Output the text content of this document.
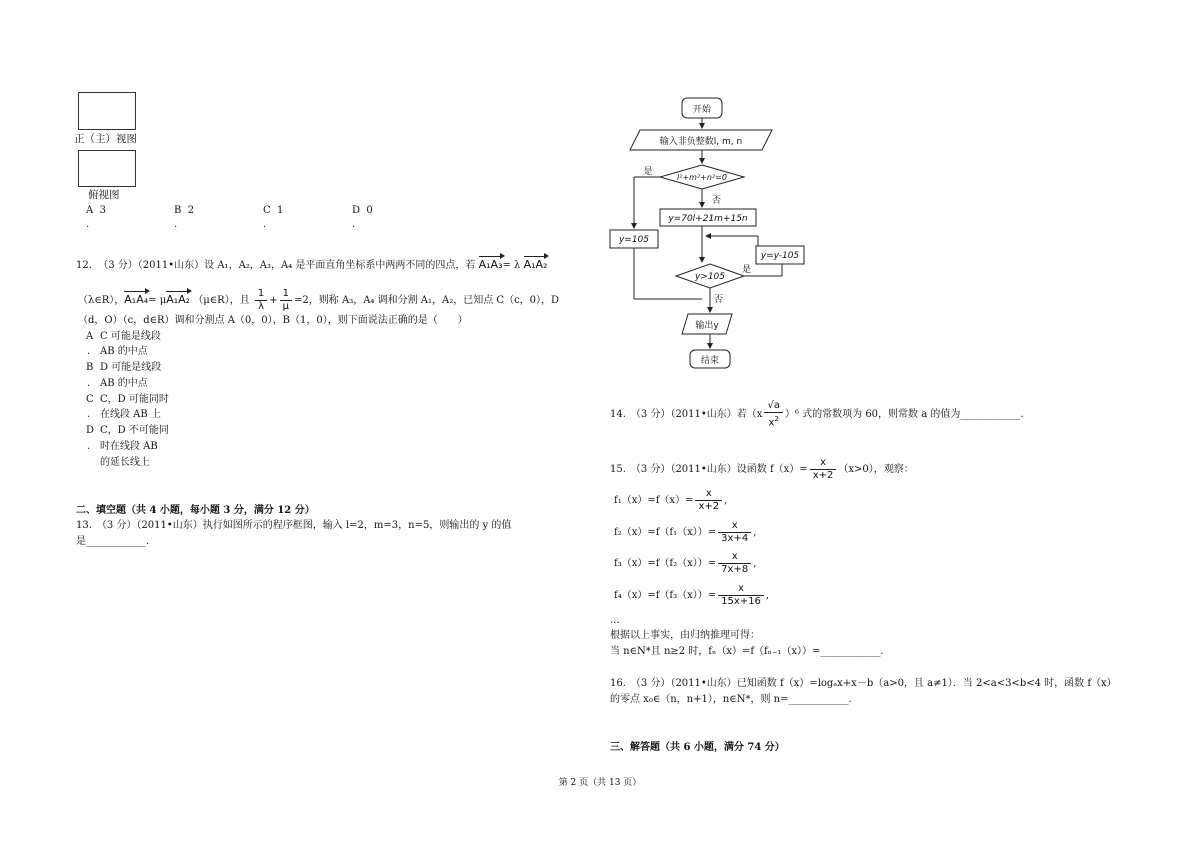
正（主）视图
俯视图
A 3	B 2	C 1	D 0
.	.	.	.
12. （3 分）（2011•山东）设 A₁，A₂，A₃，A₄ 是平面直角坐标系中两两不同的四点，若 A₁A₃= λ A₁A₂
（λ∈R），A₁A₄= μA₁A₂ （μ∈R），且 $\frac{1}{\lambda} + \frac{1}{\mu} =2$，则称 A₃，A₄ 调和分割 A₁，A₂，已知点 C（c，0），D
（d，O）（c，d∈R）调和分割点 A（0，0），B（1，0），则下面说法正确的是（　　）
A C 可能是线段
. AB 的中点
B D 可能是线段
. AB 的中点
C C，D 可能同时
. 在线段 AB 上
D C，D 不可能同
. 时在线段 AB
的延长线上
二、填空题（共 4 小题，每小题 3 分，满分 12 分）
13.　（3 分）（2011•山东）执行如图所示的程序框图，输入 l=2，m=3，n=5，则输出的 y 的值
是____________.
开始
输入非负整数l, m, n
l²+m²+n²=0
是
否
y=70l+21m+15n
y=105
y>105
是
否
y=y-105
输出y
结束
14.　（3 分）（2011•山东）若$(x \frac{√a}{x^2} )^6$ 式的常数项为 60，则常数 a 的值为____________.
15.　（3 分）（2011•山东）设函数 $f(x)= \frac{x}{x+2} (x>0)$，观察：
$f_1(x)=f(x)= \frac{x}{x+2}$ ,
$f_2(x)=f(f_1(x))= \frac{x}{3x+4}$ ,
$f_3(x)=f(f_2(x))= \frac{x}{7x+8}$ ,
$f_4(x)=f(f_3(x))= \frac{x}{15x+16}$ ,
...
根据以上事实，由归纳推理可得：
当 n∈N*且 n≥2 时，fₙ（x）=f（fₙ₋₁（x））=____________.
16.　（3 分）（2011•山东）已知函数 f（x）=logₐx+x－b（a>0，且 a≠1）．当 2<a<3<b<4 时，函数 f（x）
的零点 x₀∈（n，n+1），n∈N*，则 n=____________.
三、解答题（共 6 小题，满分 74 分）
第 2 页（共 13 页）
